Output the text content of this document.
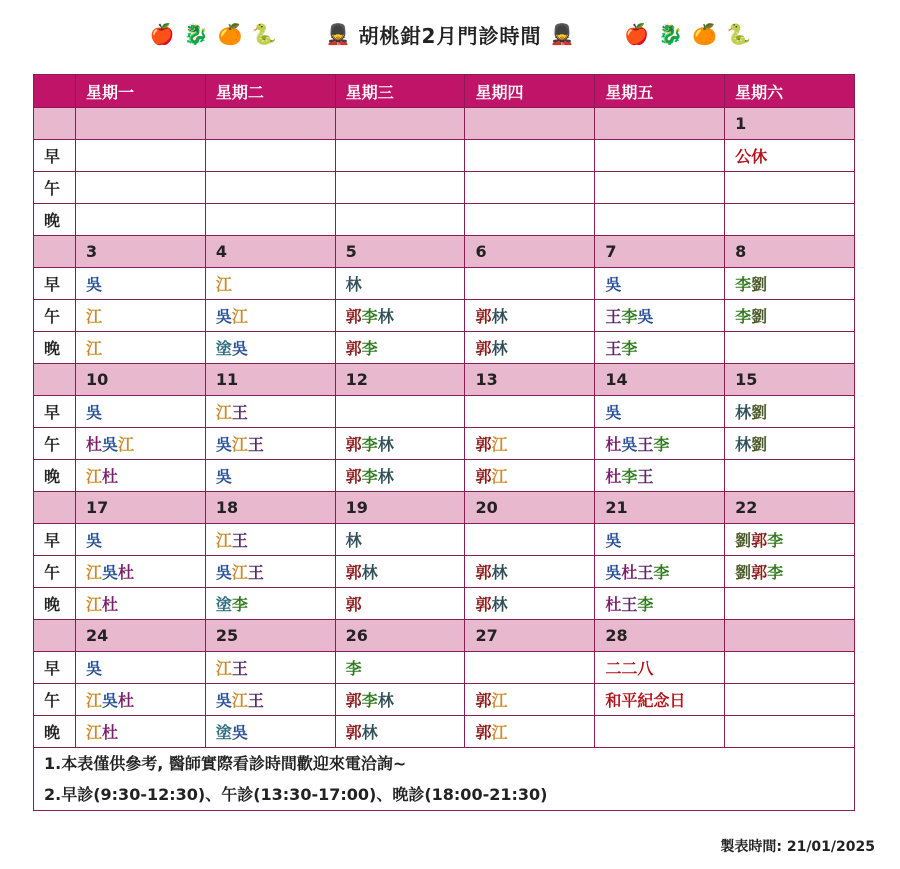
🍎 🐉 🍊 🐍 💂 胡桃鉗2月門診時間 💂	🍎 🐉 🍊 🐍
	星期一	星期二	星期三	星期四	星期五	星期六
						1
早						公休
午						
晚						
	3	4	5	6	7	8
早	吳	江	林		吳	李劉
午	江	吳江	郭李林	郭林	王李吳	李劉
晚	江	塗吳	郭李	郭林	王李	
	10	11	12	13	14	15
早	吳	江王			吳	林劉
午	杜吳江	吳江王	郭李林	郭江	杜吳王李	林劉
晚	江杜	吳	郭李林	郭江	杜李王	
	17	18	19	20	21	22
早	吳	江王	林		吳	劉郭李
午	江吳杜	吳江王	郭林	郭林	吳杜王李	劉郭李
晚	江杜	塗李	郭	郭林	杜王李	
	24	25	26	27	28	
早	吳	江王	李		二二八	
午	江吳杜	吳江王	郭李林	郭江	和平紀念日	
晚	江杜	塗吳	郭林	郭江		

1.本表僅供參考, 醫師實際看診時間歡迎來電洽詢~
2.早診(9:30-12:30)、午診(13:30-17:00)、晚診(18:00-21:30)						
製表時間: 21/01/2025
